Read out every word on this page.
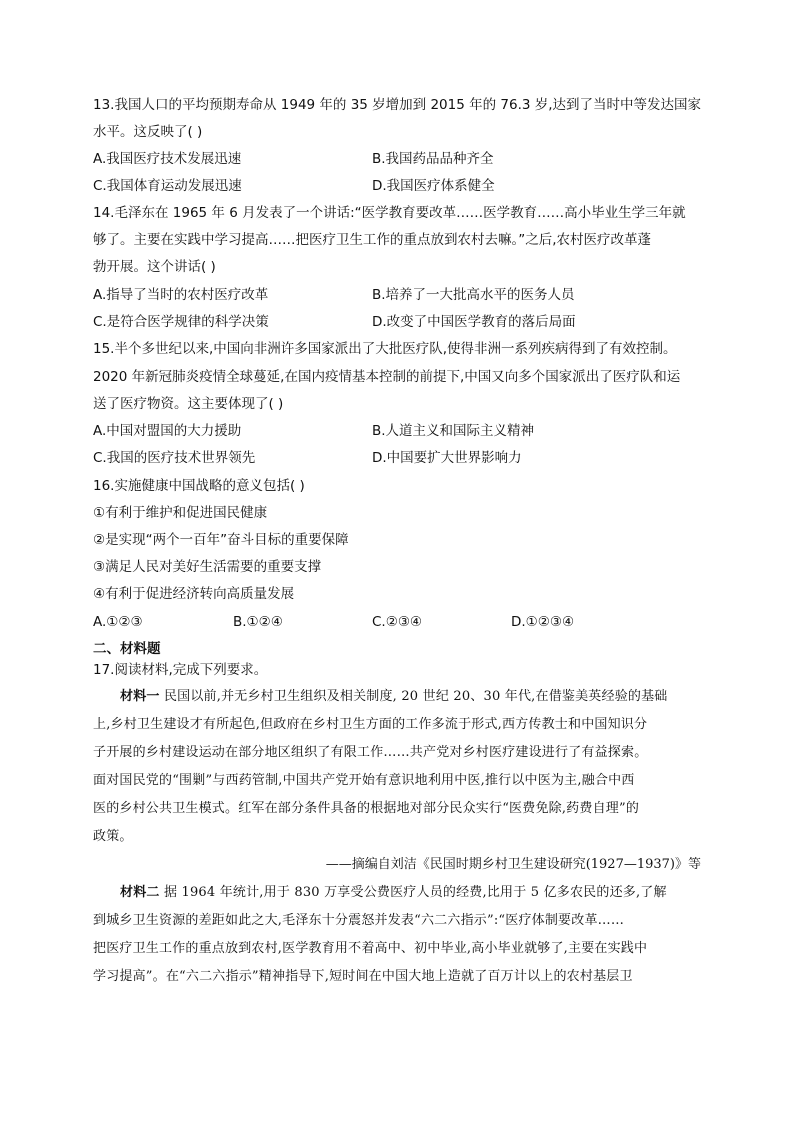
13.我国人口的平均预期寿命从 1949 年的 35 岁增加到 2015 年的 76.3 岁,达到了当时中等发达国家
水平。这反映了( )
A.我国医疗技术发展迅速	B.我国药品品种齐全
C.我国体育运动发展迅速	D.我国医疗体系健全
14.毛泽东在 1965 年 6 月发表了一个讲话:“医学教育要改革……医学教育……高小毕业生学三年就
够了。主要在实践中学习提高……把医疗卫生工作的重点放到农村去嘛。”之后,农村医疗改革蓬
勃开展。这个讲话( )
A.指导了当时的农村医疗改革	B.培养了一大批高水平的医务人员
C.是符合医学规律的科学决策	D.改变了中国医学教育的落后局面
15.半个多世纪以来,中国向非洲许多国家派出了大批医疗队,使得非洲一系列疾病得到了有效控制。
2020 年新冠肺炎疫情全球蔓延,在国内疫情基本控制的前提下,中国又向多个国家派出了医疗队和运
送了医疗物资。这主要体现了( )
A.中国对盟国的大力援助	B.人道主义和国际主义精神
C.我国的医疗技术世界领先	D.中国要扩大世界影响力
16.实施健康中国战略的意义包括( )
①有利于维护和促进国民健康
②是实现“两个一百年”奋斗目标的重要保障
③满足人民对美好生活需要的重要支撑
④有利于促进经济转向高质量发展
A.①②③	B.①②④	C.②③④	D.①②③④
二、材料题
17.阅读材料,完成下列要求。
材料一 民国以前,并无乡村卫生组织及相关制度, 20 世纪 20、30 年代,在借鉴美英经验的基础
上,乡村卫生建设才有所起色,但政府在乡村卫生方面的工作多流于形式,西方传教士和中国知识分
子开展的乡村建设运动在部分地区组织了有限工作……共产党对乡村医疗建设进行了有益探索。
面对国民党的“围剿”与西药管制,中国共产党开始有意识地利用中医,推行以中医为主,融合中西
医的乡村公共卫生模式。红军在部分条件具备的根据地对部分民众实行“医费免除,药费自理”的
政策。
——摘编自刘洁《民国时期乡村卫生建设研究(1927—1937)》等
材料二 据 1964 年统计,用于 830 万享受公费医疗人员的经费,比用于 5 亿多农民的还多,了解
到城乡卫生资源的差距如此之大,毛泽东十分震怒并发表“六二六指示”:“医疗体制要改革……
把医疗卫生工作的重点放到农村,医学教育用不着高中、初中毕业,高小毕业就够了,主要在实践中
学习提高”。在“六二六指示”精神指导下,短时间在中国大地上造就了百万计以上的农村基层卫
